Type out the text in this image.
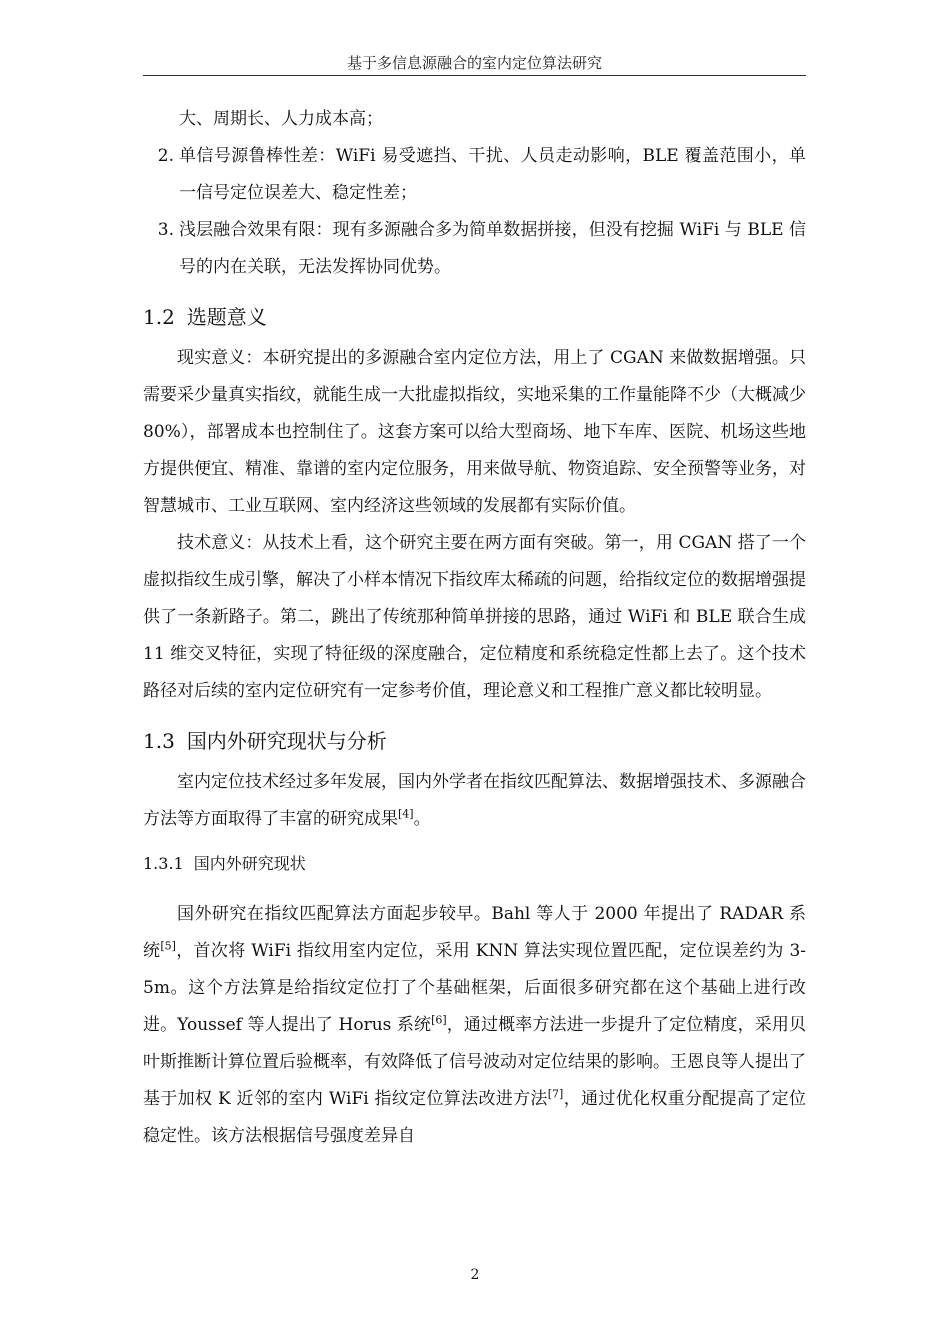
基于多信息源融合的室内定位算法研究
大、周期长、人力成本高；
2. 单信号源鲁棒性差：WiFi 易受遮挡、干扰、人员走动影响，BLE 覆盖范围小，单一信号定位误差大、稳定性差；
3. 浅层融合效果有限：现有多源融合多为简单数据拼接，但没有挖掘 WiFi 与 BLE 信号的内在关联，无法发挥协同优势。
1.2 选题意义

现实意义：本研究提出的多源融合室内定位方法，用上了 CGAN 来做数据增强。只需要采少量真实指纹，就能生成一大批虚拟指纹，实地采集的工作量能降不少（大概减少 80%），部署成本也控制住了。这套方案可以给大型商场、地下车库、医院、机场这些地方提供便宜、精准、靠谱的室内定位服务，用来做导航、物资追踪、安全预警等业务，对智慧城市、工业互联网、室内经济这些领域的发展都有实际价值。

技术意义：从技术上看，这个研究主要在两方面有突破。第一，用 CGAN 搭了一个虚拟指纹生成引擎，解决了小样本情况下指纹库太稀疏的问题，给指纹定位的数据增强提供了一条新路子。第二，跳出了传统那种简单拼接的思路，通过 WiFi 和 BLE 联合生成 11 维交叉特征，实现了特征级的深度融合，定位精度和系统稳定性都上去了。这个技术路径对后续的室内定位研究有一定参考价值，理论意义和工程推广意义都比较明显。

1.3 国内外研究现状与分析

室内定位技术经过多年发展，国内外学者在指纹匹配算法、数据增强技术、多源融合方法等方面取得了丰富的研究成果[4]。

1.3.1 国内外研究现状

国外研究在指纹匹配算法方面起步较早。Bahl 等人于 2000 年提出了 RADAR 系统[5]，首次将 WiFi 指纹用室内定位，采用 KNN 算法实现位置匹配，定位误差约为 3-5m。这个方法算是给指纹定位打了个基础框架，后面很多研究都在这个基础上进行改进。Youssef 等人提出了 Horus 系统[6]，通过概率方法进一步提升了定位精度，采用贝叶斯推断计算位置后验概率，有效降低了信号波动对定位结果的影响。王恩良等人提出了基于加权 K 近邻的室内 WiFi 指纹定位算法改进方法[7]，通过优化权重分配提高了定位稳定性。该方法根据信号强度差异自

2
